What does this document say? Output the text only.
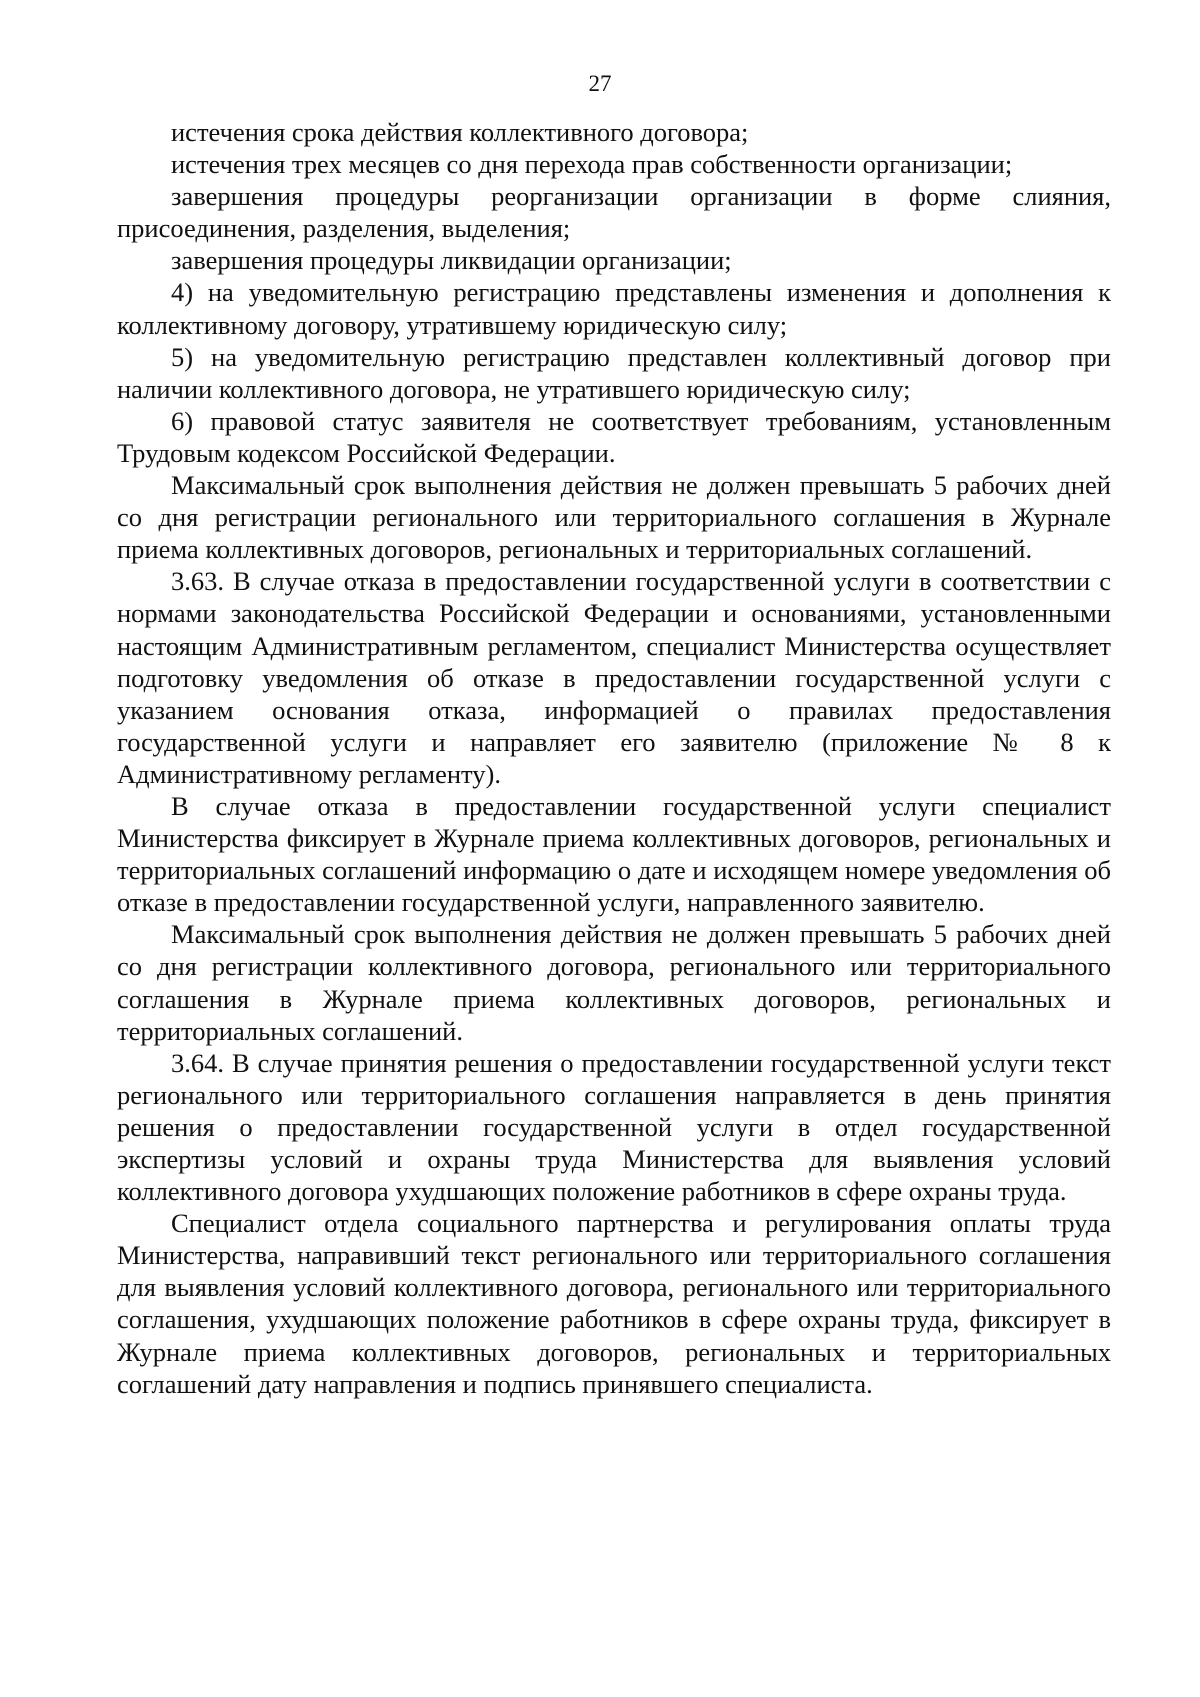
27

истечения срока действия коллективного договора;

истечения трех месяцев со дня перехода прав собственности организации;

завершения процедуры реорганизации организации в форме слияния, присоединения, разделения, выделения;

завершения процедуры ликвидации организации;

4) на уведомительную регистрацию представлены изменения и дополнения к коллективному договору, утратившему юридическую силу;

5) на уведомительную регистрацию представлен коллективный договор при наличии коллективного договора, не утратившего юридическую силу;

6) правовой статус заявителя не соответствует требованиям, установленным Трудовым кодексом Российской Федерации.

Максимальный срок выполнения действия не должен превышать 5 рабочих дней со дня регистрации регионального или территориального соглашения в Журнале приема коллективных договоров, региональных и территориальных соглашений.

3.63. В случае отказа в предоставлении государственной услуги в соответствии с нормами законодательства Российской Федерации и основаниями, установленными настоящим Административным регламентом, специалист Министерства осуществляет подготовку уведомления об отказе в предоставлении государственной услуги с указанием основания отказа, информацией о правилах предоставления государственной услуги и направляет его заявителю (приложение № 8 к Административному регламенту).

В случае отказа в предоставлении государственной услуги специалист Министерства фиксирует в Журнале приема коллективных договоров, региональных и территориальных соглашений информацию о дате и исходящем номере уведомления об отказе в предоставлении государственной услуги, направленного заявителю.

Максимальный срок выполнения действия не должен превышать 5 рабочих дней со дня регистрации коллективного договора, регионального или территориального соглашения в Журнале приема коллективных договоров, региональных и территориальных соглашений.

3.64. В случае принятия решения о предоставлении государственной услуги текст регионального или территориального соглашения направляется в день принятия решения о предоставлении государственной услуги в отдел государственной экспертизы условий и охраны труда Министерства для выявления условий коллективного договора ухудшающих положение работников в сфере охраны труда.

Специалист отдела социального партнерства и регулирования оплаты труда Министерства, направивший текст регионального или территориального соглашения для выявления условий коллективного договора, регионального или территориального соглашения, ухудшающих положение работников в сфере охраны труда, фиксирует в Журнале приема коллективных договоров, региональных и территориальных соглашений дату направления и подпись принявшего специалиста.
